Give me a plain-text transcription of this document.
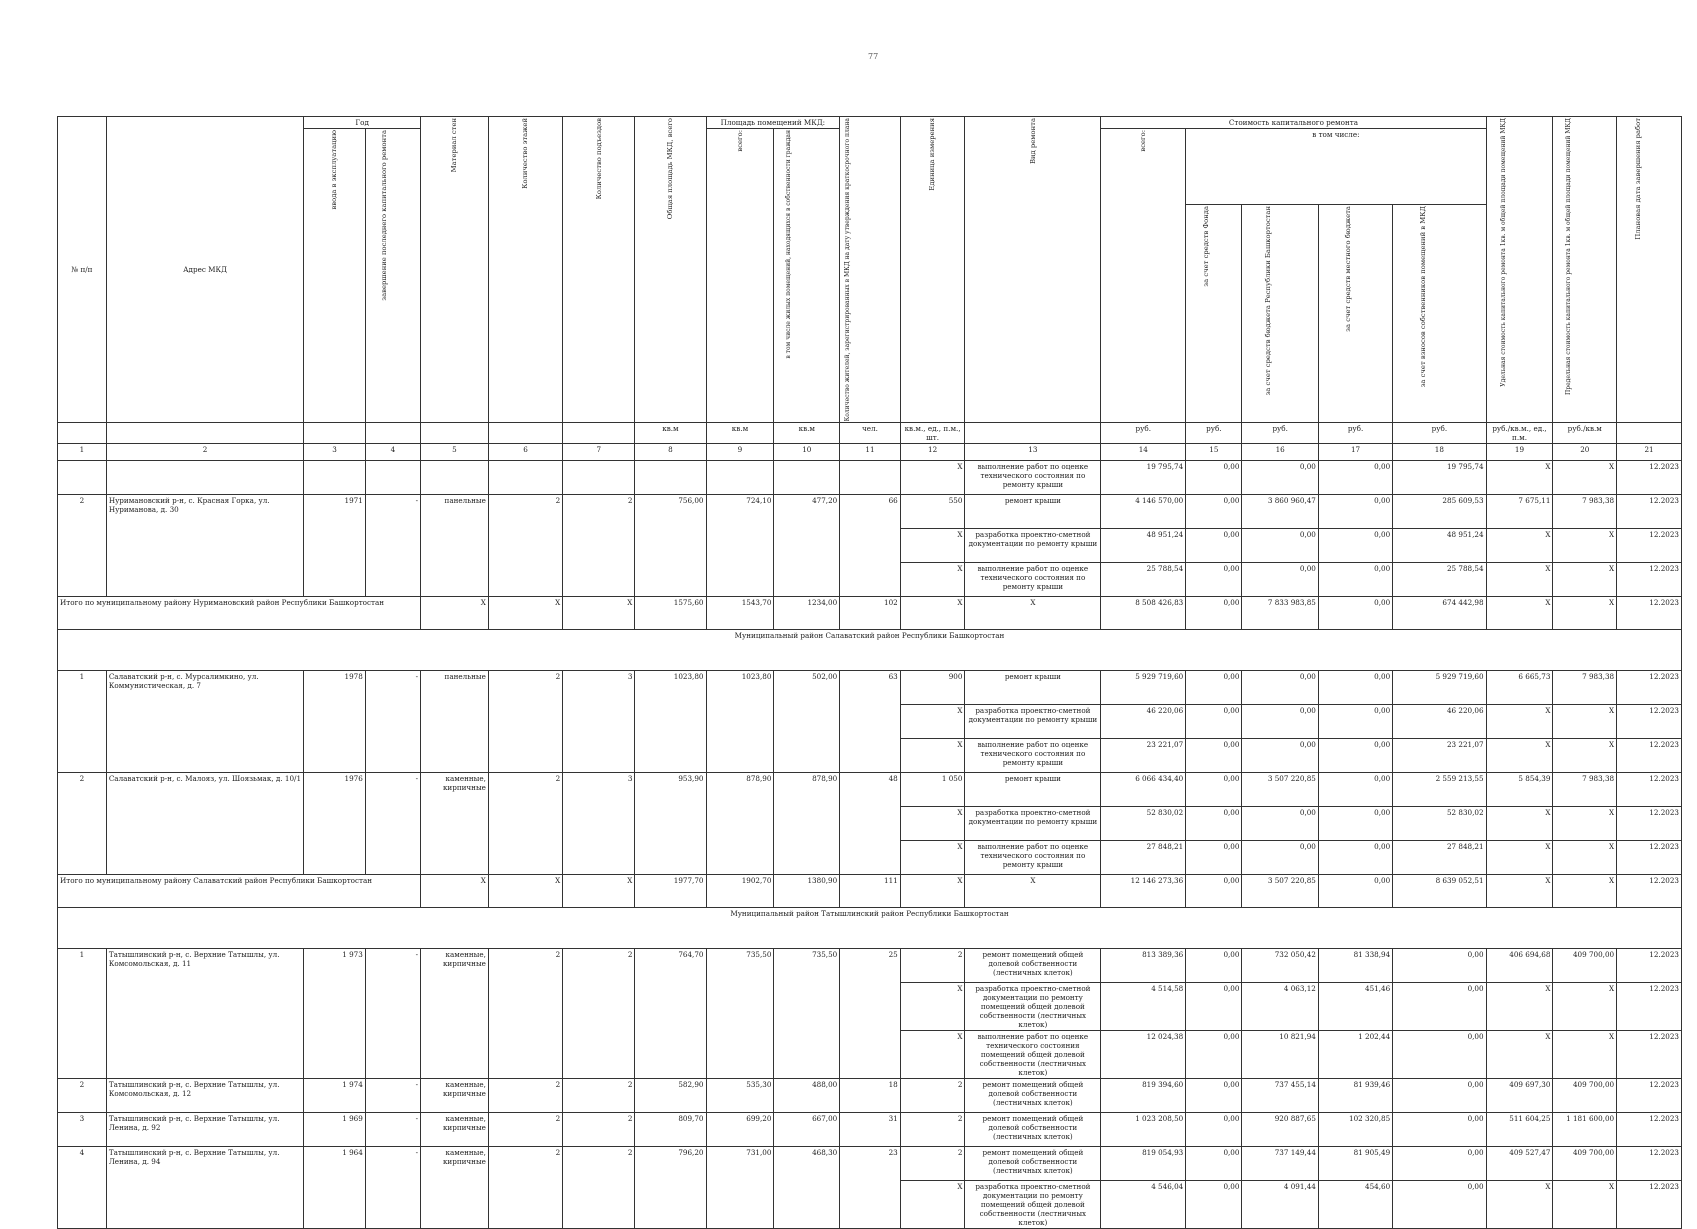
77
№ п/п	Адрес МКД	Год		Материал стен	Количество этажей	Количество подъездов	Общая площадь МКД, всего	Площадь помещений МКД:		Количество жителей, зарегистрированных в МКД на дату утверждения краткосрочного плана	Единица измерения	Вид ремонта	Стоимость капитального ремонта					Удельная стоимость капитального ремонта 1кв. м общей площади помещений МКД	Предельная стоимость капитального ремонта 1кв. м общей площади помещений МКД	Плановая дата завершения работ

		ввода в эксплуатацию	завершение последнего капитального ремонта					всего:	в том числе жилых помещений, находящихся в собственности граждан				всего:	в том числе:						

														за счет средств Фонда	за счет средств бюджета Республики Башкортостан	за счет средств местного бюджета	за счет взносов собственников помещений в МКД			

							кв.м	кв.м	кв.м	чел.	кв.м., ед., п.м., шт.		руб.	руб.	руб.	руб.	руб.	руб./кв.м., ед., п.м.	руб./кв.м	
1	2	3	4	5	6	7	8	9	10	11	12	13	14	15	16	17	18	19	20	21
											X	выполнение работ по оценке технического состояния по ремонту крыши	19 795,74	0,00	0,00	0,00	19 795,74	X	X	12.2023
2	Нуримановский р-н, с. Красная Горка, ул. Нуриманова, д. 30	1971	-	панельные	2	2	756,00	724,10	477,20	66	550	ремонт крыши	4 146 570,00	0,00	3 860 960,47	0,00	285 609,53	7 675,11	7 983,38	12.2023
											X	разработка проектно-сметной документации по ремонту крыши	48 951,24	0,00	0,00	0,00	48 951,24	X	X	12.2023
											X	выполнение работ по оценке технического состояния по ремонту крыши	25 788,54	0,00	0,00	0,00	25 788,54	X	X	12.2023
Итого по муниципальному району Нуримановский район Республики Башкортостан				X	X	X	1575,60	1543,70	1234,00	102	X	X	8 508 426,83	0,00	7 833 983,85	0,00	674 442,98	X	X	12.2023
Муниципальный район Салаватский район Республики Башкортостан																				
1	Салаватский р-н, с. Мурсалимкино, ул. Коммунистическая, д. 7	1978	-	панельные	2	3	1023,80	1023,80	502,00	63	900	ремонт крыши	5 929 719,60	0,00	0,00	0,00	5 929 719,60	6 665,73	7 983,38	12.2023
											X	разработка проектно-сметной документации по ремонту крыши	46 220,06	0,00	0,00	0,00	46 220,06	X	X	12.2023
											X	выполнение работ по оценке технического состояния по ремонту крыши	23 221,07	0,00	0,00	0,00	23 221,07	X	X	12.2023
2	Салаватский р-н, с. Малояз, ул. Шоязьмак, д. 10/1	1976	-	каменные, кирпичные	2	3	953,90	878,90	878,90	48	1 050	ремонт крыши	6 066 434,40	0,00	3 507 220,85	0,00	2 559 213,55	5 854,39	7 983,38	12.2023
											X	разработка проектно-сметной документации по ремонту крыши	52 830,02	0,00	0,00	0,00	52 830,02	X	X	12.2023
											X	выполнение работ по оценке технического состояния по ремонту крыши	27 848,21	0,00	0,00	0,00	27 848,21	X	X	12.2023
Итого по муниципальному району Салаватский район Республики Башкортостан				X	X	X	1977,70	1902,70	1380,90	111	X	X	12 146 273,36	0,00	3 507 220,85	0,00	8 639 052,51	X	X	12.2023
Муниципальный район Татышлинский район Республики Башкортостан																				
1	Татышлинский р-н, с. Верхние Татышлы, ул. Комсомольская, д. 11	1 973	-	каменные, кирпичные	2	2	764,70	735,50	735,50	25	2	ремонт помещений общей долевой собственности (лестничных клеток)	813 389,36	0,00	732 050,42	81 338,94	0,00	406 694,68	409 700,00	12.2023
											X	разработка проектно-сметной документации по ремонту помещений общей долевой собственности (лестничных клеток)	4 514,58	0,00	4 063,12	451,46	0,00	X	X	12.2023
											X	выполнение работ по оценке технического состояния помещений общей долевой собственности (лестничных клеток)	12 024,38	0,00	10 821,94	1 202,44	0,00	X	X	12.2023
2	Татышлинский р-н, с. Верхние Татышлы, ул. Комсомольская, д. 12	1 974	-	каменные, кирпичные	2	2	582,90	535,30	488,00	18	2	ремонт помещений общей долевой собственности (лестничных клеток)	819 394,60	0,00	737 455,14	81 939,46	0,00	409 697,30	409 700,00	12.2023
3	Татышлинский р-н, с. Верхние Татышлы, ул. Ленина, д. 92	1 969	-	каменные, кирпичные	2	2	809,70	699,20	667,00	31	2	ремонт помещений общей долевой собственности (лестничных клеток)	1 023 208,50	0,00	920 887,65	102 320,85	0,00	511 604,25	1 181 600,00	12.2023
4	Татышлинский р-н, с. Верхние Татышлы, ул. Ленина, д. 94	1 964	-	каменные, кирпичные	2	2	796,20	731,00	468,30	23	2	ремонт помещений общей долевой собственности (лестничных клеток)	819 054,93	0,00	737 149,44	81 905,49	0,00	409 527,47	409 700,00	12.2023
											X	разработка проектно-сметной документации по ремонту помещений общей долевой собственности (лестничных клеток)	4 546,04	0,00	4 091,44	454,60	0,00	X	X	12.2023
